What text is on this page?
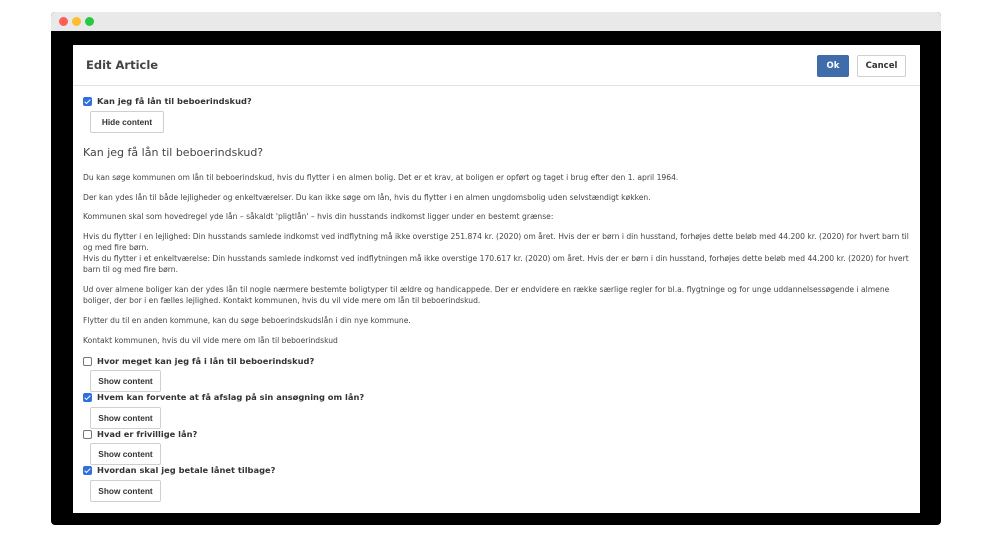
Edit Article	Ok	Cancel
Kan jeg få lån til beboerindskud?
Hide content
Kan jeg få lån til beboerindskud?
Du kan søge kommunen om lån til beboerindskud, hvis du flytter i en almen bolig. Det er et krav, at boligen er opført og taget i brug efter den 1. april 1964.
Der kan ydes lån til både lejligheder og enkeltværelser. Du kan ikke søge om lån, hvis du flytter i en almen ungdomsbolig uden selvstændigt køkken.
Kommunen skal som hovedregel yde lån – såkaldt 'pligtlån' – hvis din husstands indkomst ligger under en bestemt grænse:
Hvis du flytter i en lejlighed: Din husstands samlede indkomst ved indflytning må ikke overstige 251.874 kr. (2020) om året. Hvis der er børn i din husstand, forhøjes dette beløb med 44.200 kr. (2020) for hvert barn til og med fire børn.
Hvis du flytter i et enkeltværelse: Din husstands samlede indkomst ved indflytningen må ikke overstige 170.617 kr. (2020) om året. Hvis der er børn i din husstand, forhøjes dette beløb med 44.200 kr. (2020) for hvert barn til og med fire børn.
Ud over almene boliger kan der ydes lån til nogle nærmere bestemte boligtyper til ældre og handicappede. Der er endvidere en række særlige regler for bl.a. flygtninge og for unge uddannelsessøgende i almene boliger, der bor i en fælles lejlighed. Kontakt kommunen, hvis du vil vide mere om lån til beboerindskud.
Flytter du til en anden kommune, kan du søge beboerindskudslån i din nye kommune.
Kontakt kommunen, hvis du vil vide mere om lån til beboerindskud
Hvor meget kan jeg få i lån til beboerindskud?
Show content
Hvem kan forvente at få afslag på sin ansøgning om lån?
Show content
Hvad er frivillige lån?
Show content
Hvordan skal jeg betale lånet tilbage?
Show content
